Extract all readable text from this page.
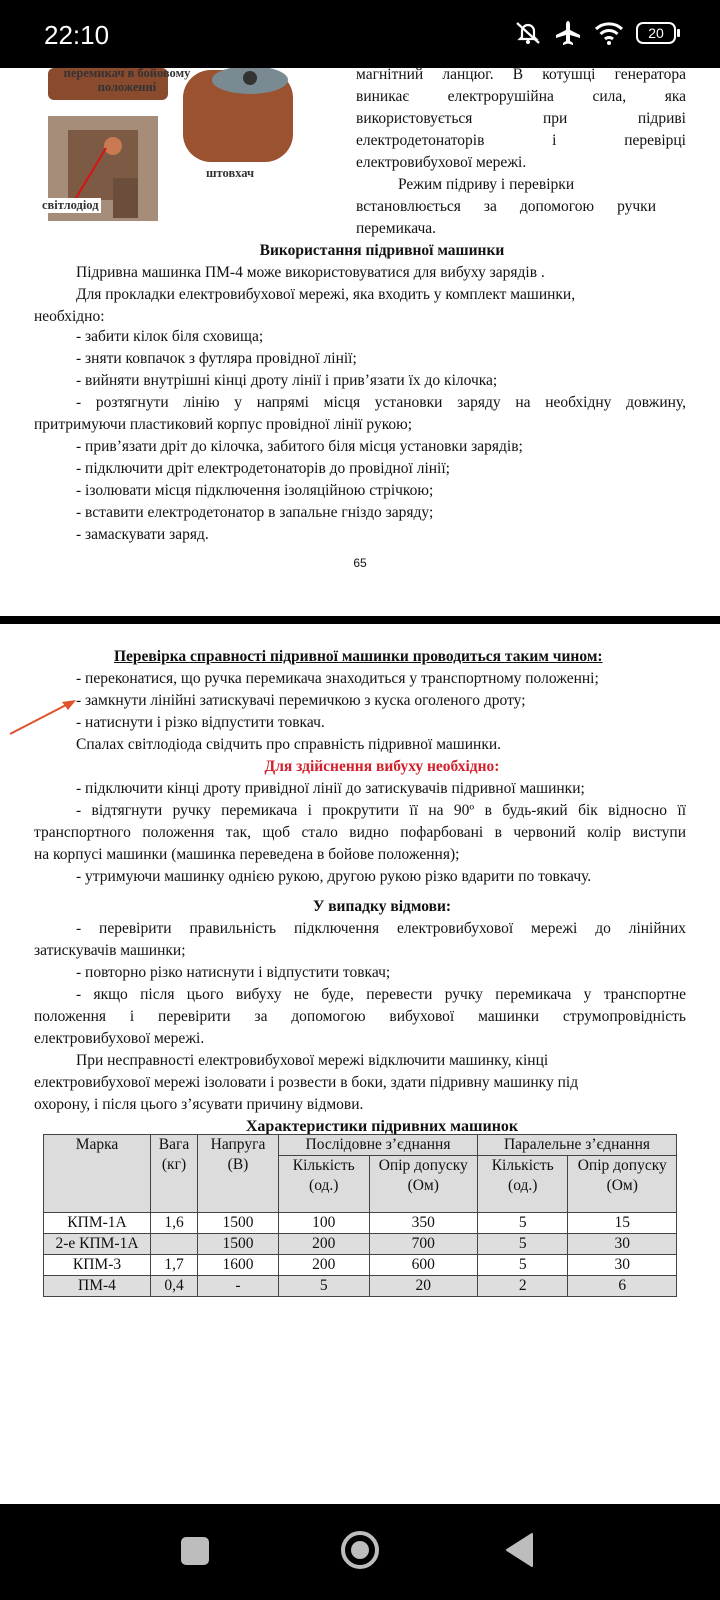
22:10	20
перемикач в бойовому положенні
світлодіод
штовхач
магнітний ланцюг. В котушці генератора
виникає електрорушійна сила, яка
використовується при підриві
електродетонаторів і перевірці
електровибухової мережі.
Режим підриву і перевірки
встановлюється за допомогою ручки
перемикача.
Використання підривної машинки
Підривна машинка ПМ-4 може використовуватися для вибуху зарядів .
Для прокладки електровибухової мережі, яка входить у комплект машинки,
необхідно:
- забити кілок біля сховища;
- зняти ковпачок з футляра провідної лінії;
- вийняти внутрішні кінці дроту лінії і прив’язати їх до кілочка;
- розтягнути лінію у напрямі місця установки заряду на необхідну довжину,
притримуючи пластиковий корпус провідної лінії рукою;
- прив’язати дріт до кілочка, забитого біля місця установки зарядів;
- підключити дріт електродетонаторів до провідної лінії;
- ізолювати місця підключення ізоляційною стрічкою;
- вставити електродетонатор в запальне гніздо заряду;
- замаскувати заряд.
65
Перевірка справності підривної машинки проводиться таким чином:
- переконатися, що ручка перемикача знаходиться у транспортному положенні;
- замкнути лінійні затискувачі перемичкою з куска оголеного дроту;
- натиснути і різко відпустити товкач.
Спалах світлодіода свідчить про справність підривної машинки.
Для здійснення вибуху необхідно:
- підключити кінці дроту привідної лінії до затискувачів підривної машинки;
- відтягнути ручку перемикача і прокрутити її на 90º в будь-який бік відносно її
транспортного положення так, щоб стало видно пофарбовані в червоний колір виступи
на корпусі машинки (машинка переведена в бойове положення);
- утримуючи машинку однією рукою, другою рукою різко вдарити по товкачу.
У випадку відмови:
- перевірити правильність підключення електровибухової мережі до лінійних
затискувачів машинки;
- повторно різко натиснути і відпустити товкач;
- якщо після цього вибуху не буде, перевести ручку перемикача у транспортне
положення і перевірити за допомогою вибухової машинки струмопровідність
електровибухової мережі.
При несправності електровибухової мережі відключити машинку, кінці
електровибухової мережі ізоловати і розвести в боки, здати підривну машинку під
охорону, і після цього з’ясувати причину відмови.
Характеристики підривних машинок
Марка	Вага (кг)	Напруга (В)	Послідовне з’єднання		Паралельне з’єднання	
			Кількість (од.)	Опір допуску (Ом)	Кількість (од.)	Опір допуску (Ом)
КПМ-1А	1,6	1500	100	350	5	15
2-е КПМ-1А		1500	200	700	5	30
КПМ-3	1,7	1600	200	600	5	30
ПМ-4	0,4	-	5	20	2	6
